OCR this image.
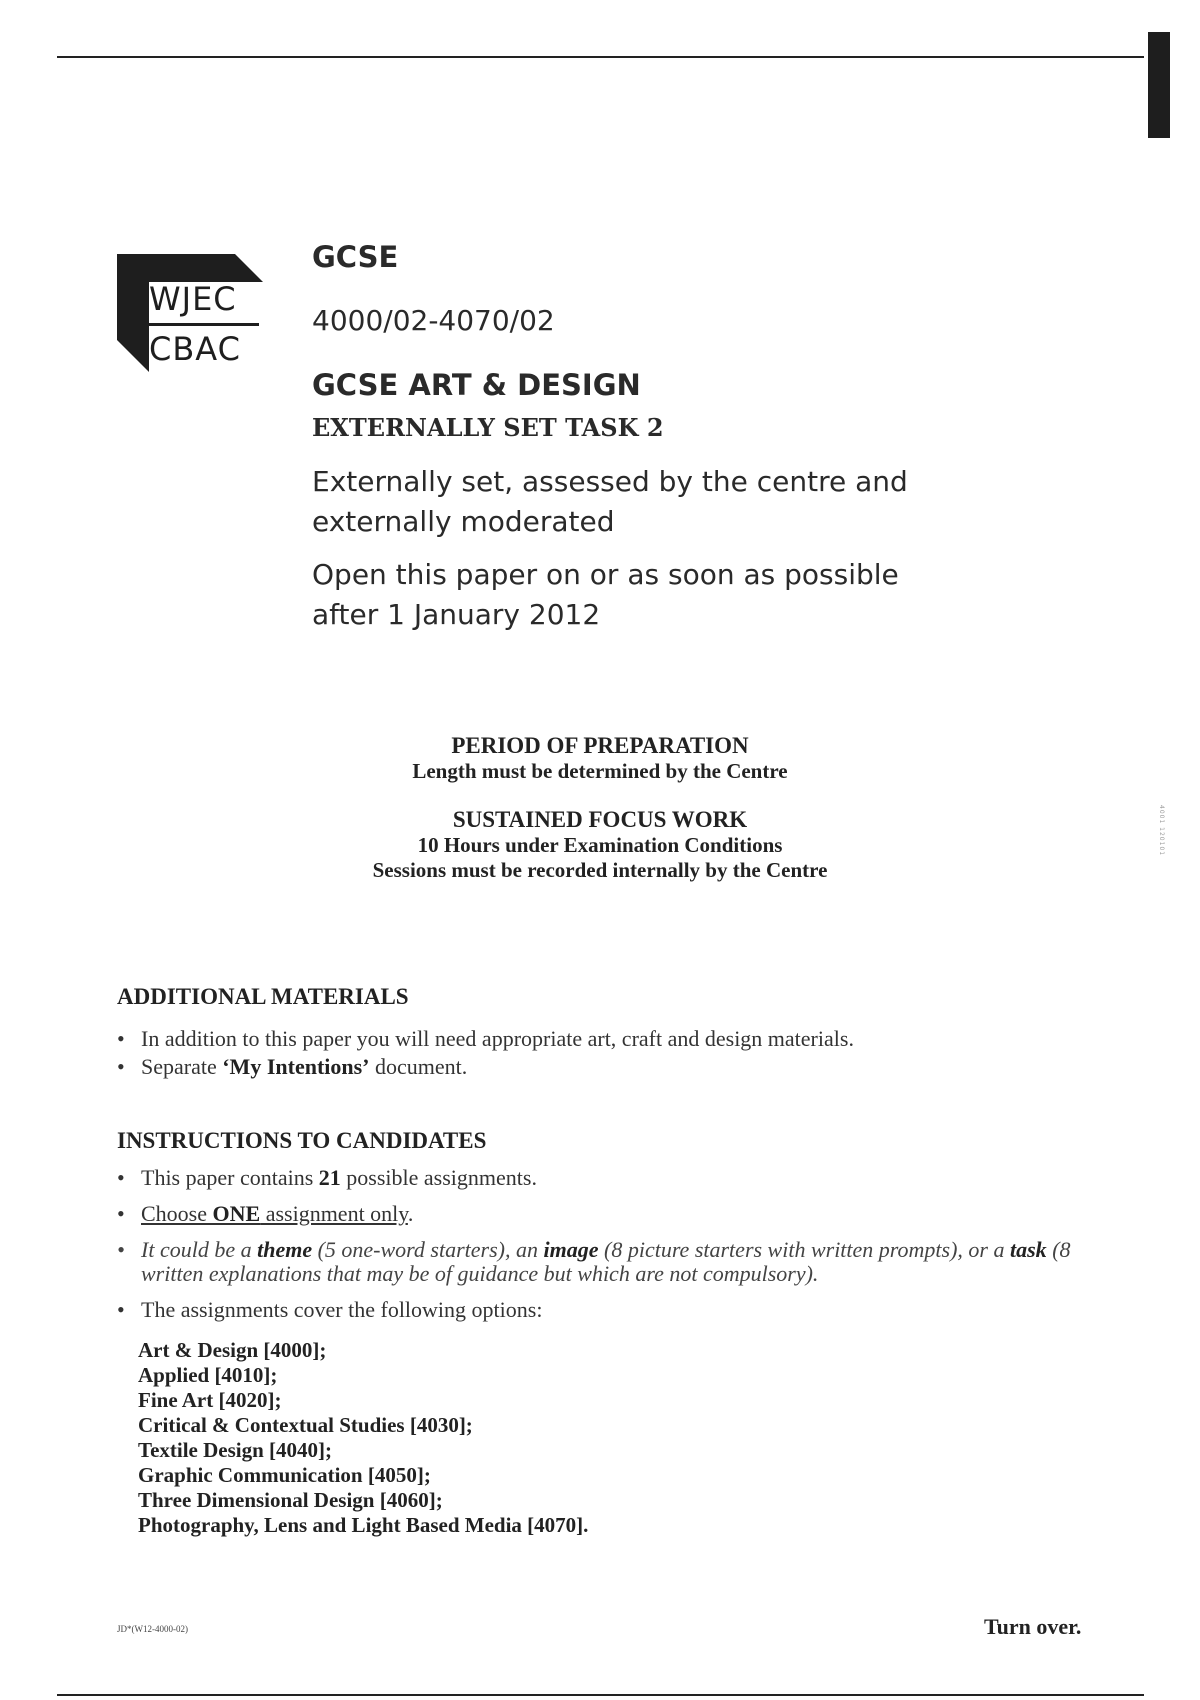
4001 120101
WJEC
CBAC
GCSE
4000/02-4070/02
GCSE ART & DESIGN
EXTERNALLY SET TASK 2
Externally set, assessed by the centre and externally moderated
Open this paper on or as soon as possible after 1 January 2012
PERIOD OF PREPARATION
Length must be determined by the Centre
SUSTAINED FOCUS WORK
10 Hours under Examination Conditions
Sessions must be recorded internally by the Centre
ADDITIONAL MATERIALS
• In addition to this paper you will need appropriate art, craft and design materials.
• Separate ‘My Intentions’ document.
INSTRUCTIONS TO CANDIDATES
• This paper contains 21 possible assignments.
• Choose ONE assignment only.
• It could be a theme (5 one-word starters), an image (8 picture starters with written prompts), or a task (8 written explanations that may be of guidance but which are not compulsory).
• The assignments cover the following options:
Art & Design [4000];
Applied [4010];
Fine Art [4020];
Critical & Contextual Studies [4030];
Textile Design [4040];
Graphic Communication [4050];
Three Dimensional Design [4060];
Photography, Lens and Light Based Media [4070].
JD*(W12-4000-02)	Turn over.
